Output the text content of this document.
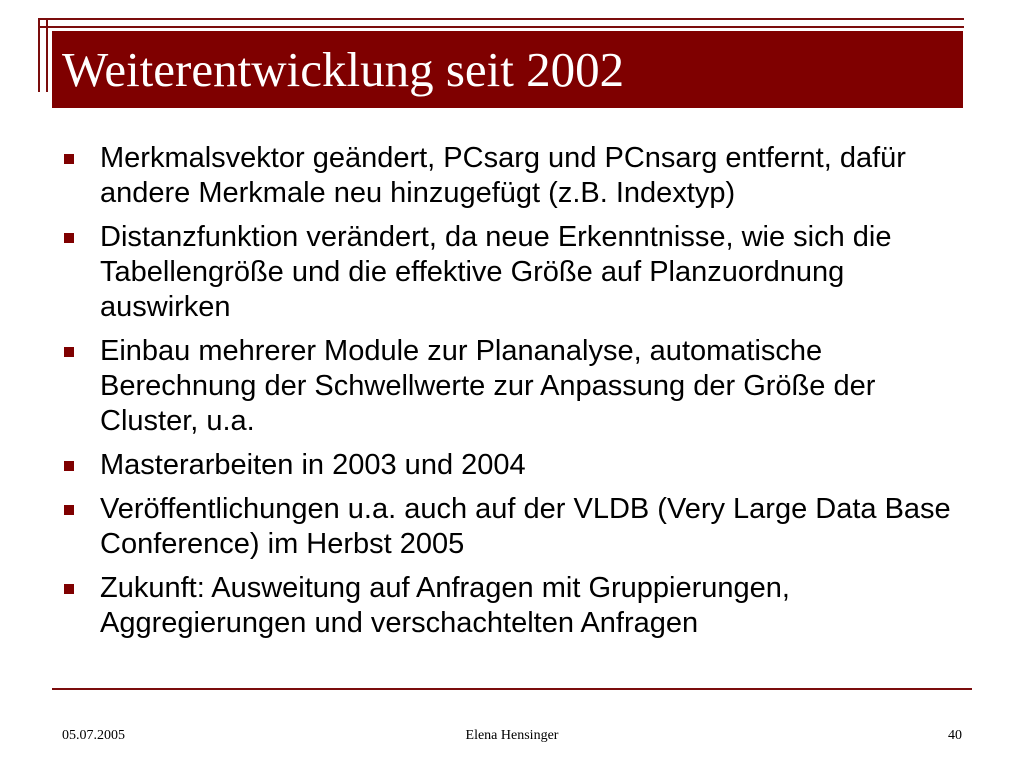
Weiterentwicklung seit 2002
Merkmalsvektor geändert, PCsarg und PCnsarg entfernt, dafür andere Merkmale neu hinzugefügt (z.B. Indextyp)
Distanzfunktion verändert, da neue Erkenntnisse, wie sich die Tabellengröße und die effektive Größe auf Planzuordnung auswirken
Einbau mehrerer Module zur Plananalyse, automatische Berechnung der Schwellwerte zur Anpassung der Größe der Cluster, u.a.
Masterarbeiten in 2003 und 2004
Veröffentlichungen u.a. auch auf der VLDB (Very Large Data Base Conference) im Herbst 2005
Zukunft: Ausweitung auf Anfragen mit Gruppierungen, Aggregierungen und verschachtelten Anfragen
05.07.2005	Elena Hensinger	40
